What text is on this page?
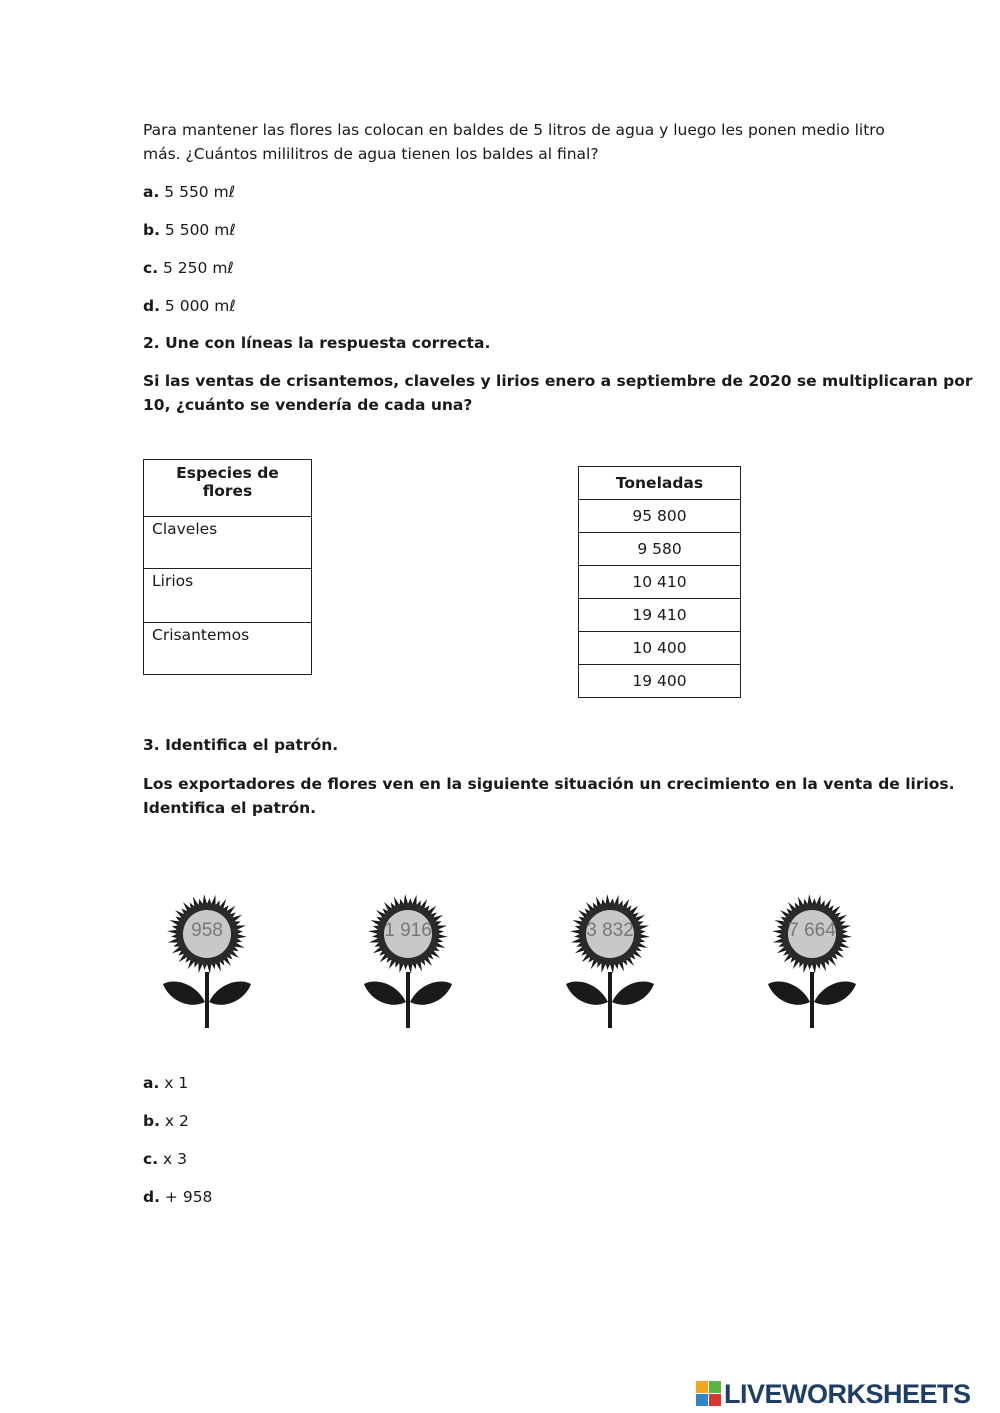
Para mantener las flores las colocan en baldes de 5 litros de agua y luego les ponen medio litro

más. ¿Cuántos mililitros de agua tienen los baldes al final?

a. 5 550 mℓ

b. 5 500 mℓ

c. 5 250 mℓ

d. 5 000 mℓ

2. Une con líneas la respuesta correcta.

Si las ventas de crisantemos, claveles y lirios enero a septiembre de 2020 se multiplicaran por

10, ¿cuánto se vendería de cada una?

Especies de flores
Claveles
Lirios
Crisantemos
Toneladas
95 800
9 580
10 410
19 410
10 400
19 400

3. Identifica el patrón.

Los exportadores de flores ven en la siguiente situación un crecimiento en la venta de lirios.

Identifica el patrón.

958	1 916	3 832	7 664

a. x 1

b. x 2

c. x 3

d. + 958

LIVEWORKSHEETS
